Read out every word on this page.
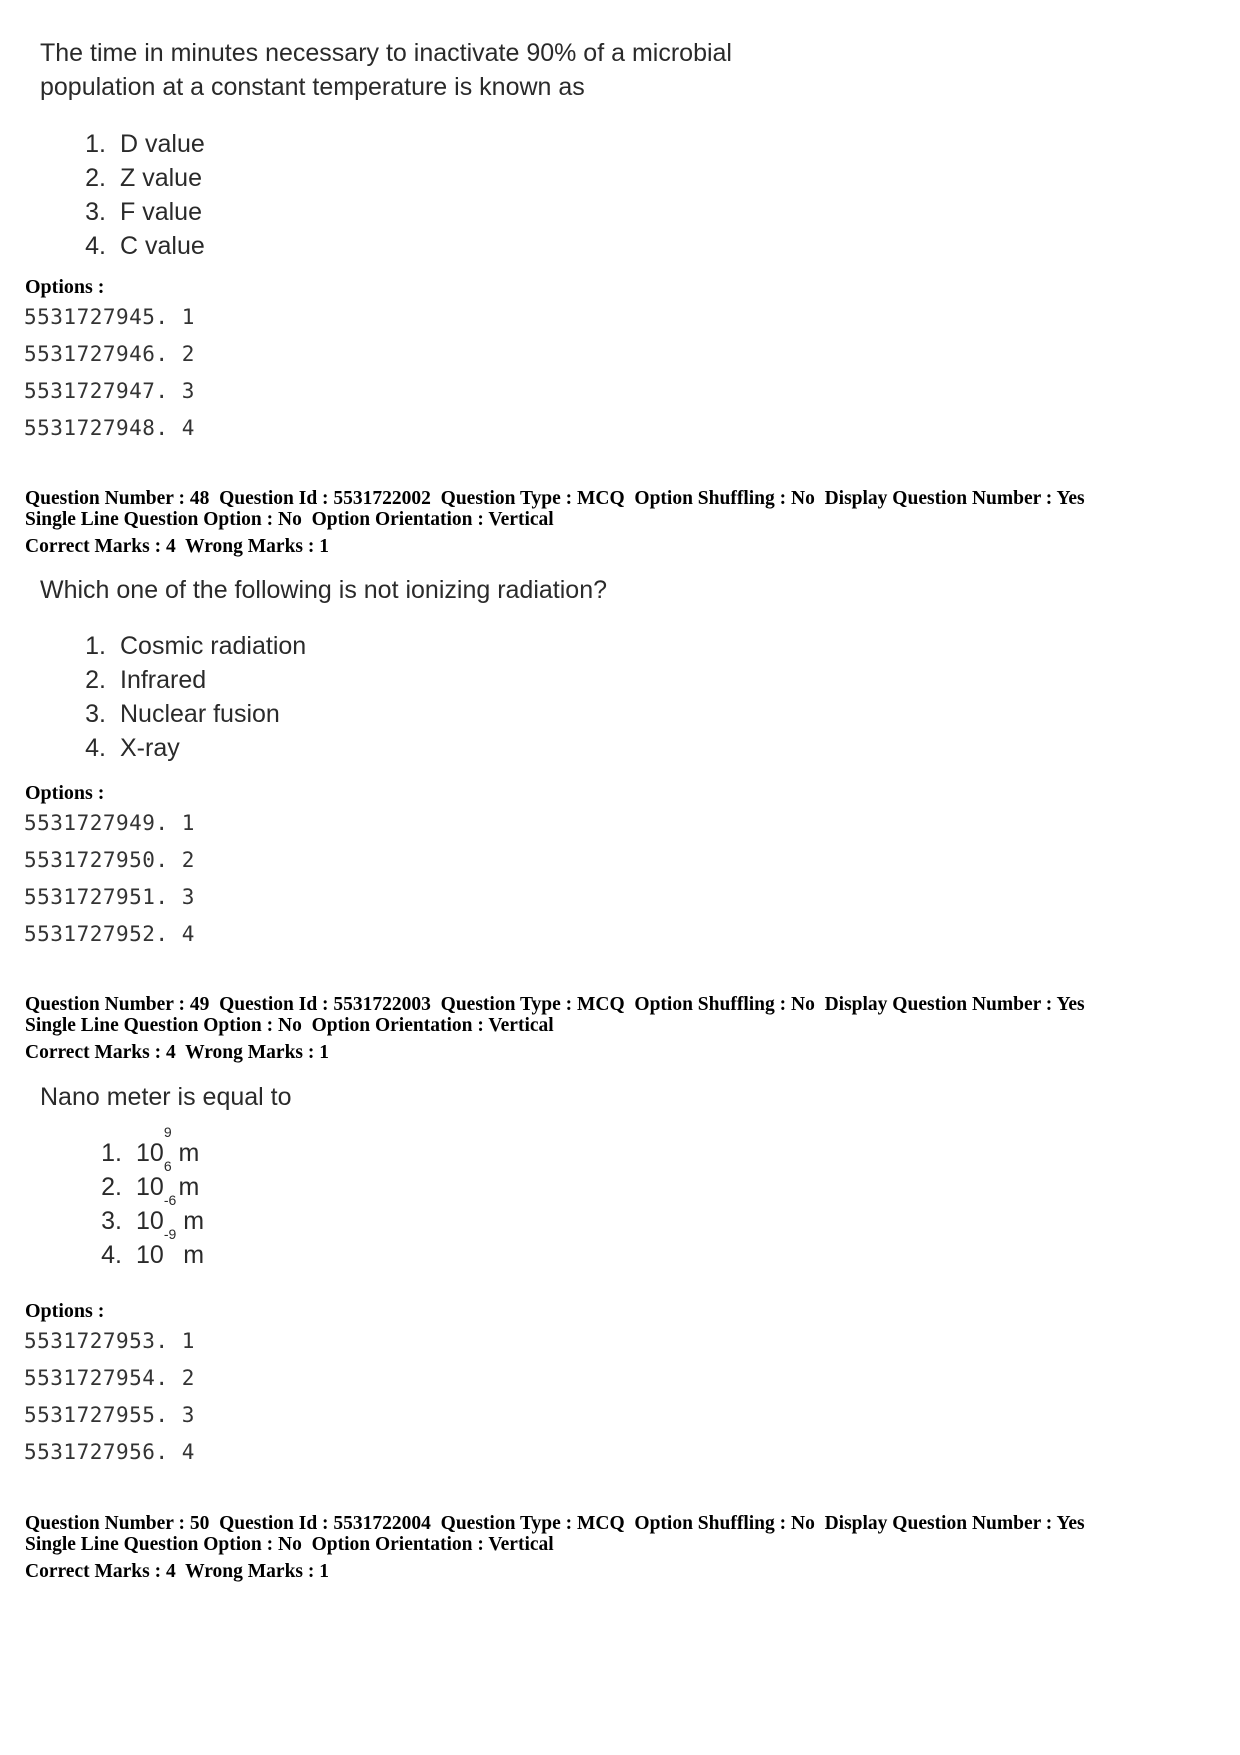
The time in minutes necessary to inactivate 90% of a microbial

population at a constant temperature is known as

1. D value
2. Z value
3. F value
4. C value
Options :
5531727945. 1
5531727946. 2
5531727947. 3
5531727948. 4
Question Number : 48  Question Id : 5531722002  Question Type : MCQ  Option Shuffling : No  Display Question Number : Yes
Single Line Question Option : No  Option Orientation : Vertical
Correct Marks : 4  Wrong Marks : 1

Which one of the following is not ionizing radiation?

1. Cosmic radiation
2. Infrared
3. Nuclear fusion
4. X-ray
Options :
5531727949. 1
5531727950. 2
5531727951. 3
5531727952. 4
Question Number : 49  Question Id : 5531722003  Question Type : MCQ  Option Shuffling : No  Display Question Number : Yes
Single Line Question Option : No  Option Orientation : Vertical
Correct Marks : 4  Wrong Marks : 1

Nano meter is equal to

1. 10
$^9$
m
2. 10
$^6$
m
3. 10
$^{-6}$
m
4. 10
$^{-9}$
m
Options :
5531727953. 1
5531727954. 2
5531727955. 3
5531727956. 4
Question Number : 50  Question Id : 5531722004  Question Type : MCQ  Option Shuffling : No  Display Question Number : Yes
Single Line Question Option : No  Option Orientation : Vertical
Correct Marks : 4  Wrong Marks : 1
